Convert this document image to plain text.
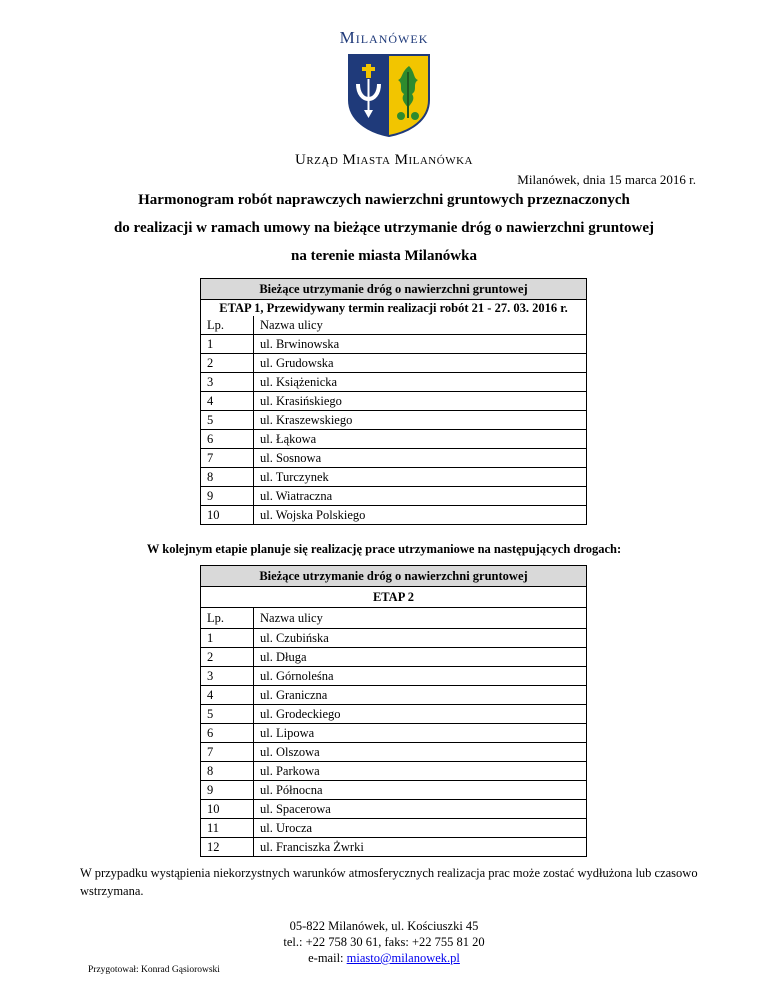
Milanówek
Urząd Miasta Milanówka
Milanówek, dnia 15 marca 2016 r.
Harmonogram robót naprawczych nawierzchni gruntowych przeznaczonych
do realizacji w ramach umowy na bieżące utrzymanie dróg o nawierzchni gruntowej
na terenie miasta Milanówka
Bieżące utrzymanie dróg o nawierzchni gruntowej	
ETAP 1, Przewidywany termin realizacji robót 21 - 27. 03. 2016 r.	
Lp.	Nazwa ulicy
1	ul. Brwinowska
2	ul. Grudowska
3	ul. Książenicka
4	ul. Krasińskiego
5	ul. Kraszewskiego
6	ul. Łąkowa
7	ul. Sosnowa
8	ul. Turczynek
9	ul. Wiatraczna
10	ul. Wojska Polskiego
W kolejnym etapie planuje się realizację prace utrzymaniowe na następujących drogach:
Bieżące utrzymanie dróg o nawierzchni gruntowej	
ETAP 2	
Lp.	Nazwa ulicy
1	ul. Czubińska
2	ul. Długa
3	ul. Górnoleśna
4	ul. Graniczna
5	ul. Grodeckiego
6	ul. Lipowa
7	ul. Olszowa
8	ul. Parkowa
9	ul. Północna
10	ul. Spacerowa
11	ul. Urocza
12	ul. Franciszka Żwrki
W przypadku wystąpienia niekorzystnych warunków atmosferycznych realizacja prac może zostać wydłużona lub czasowo wstrzymana.
05-822 Milanówek, ul. Kościuszki 45
tel.: +22 758 30 61, faks: +22 755 81 20
e-mail: miasto@milanowek.pl
Przygotował: Konrad Gąsiorowski
